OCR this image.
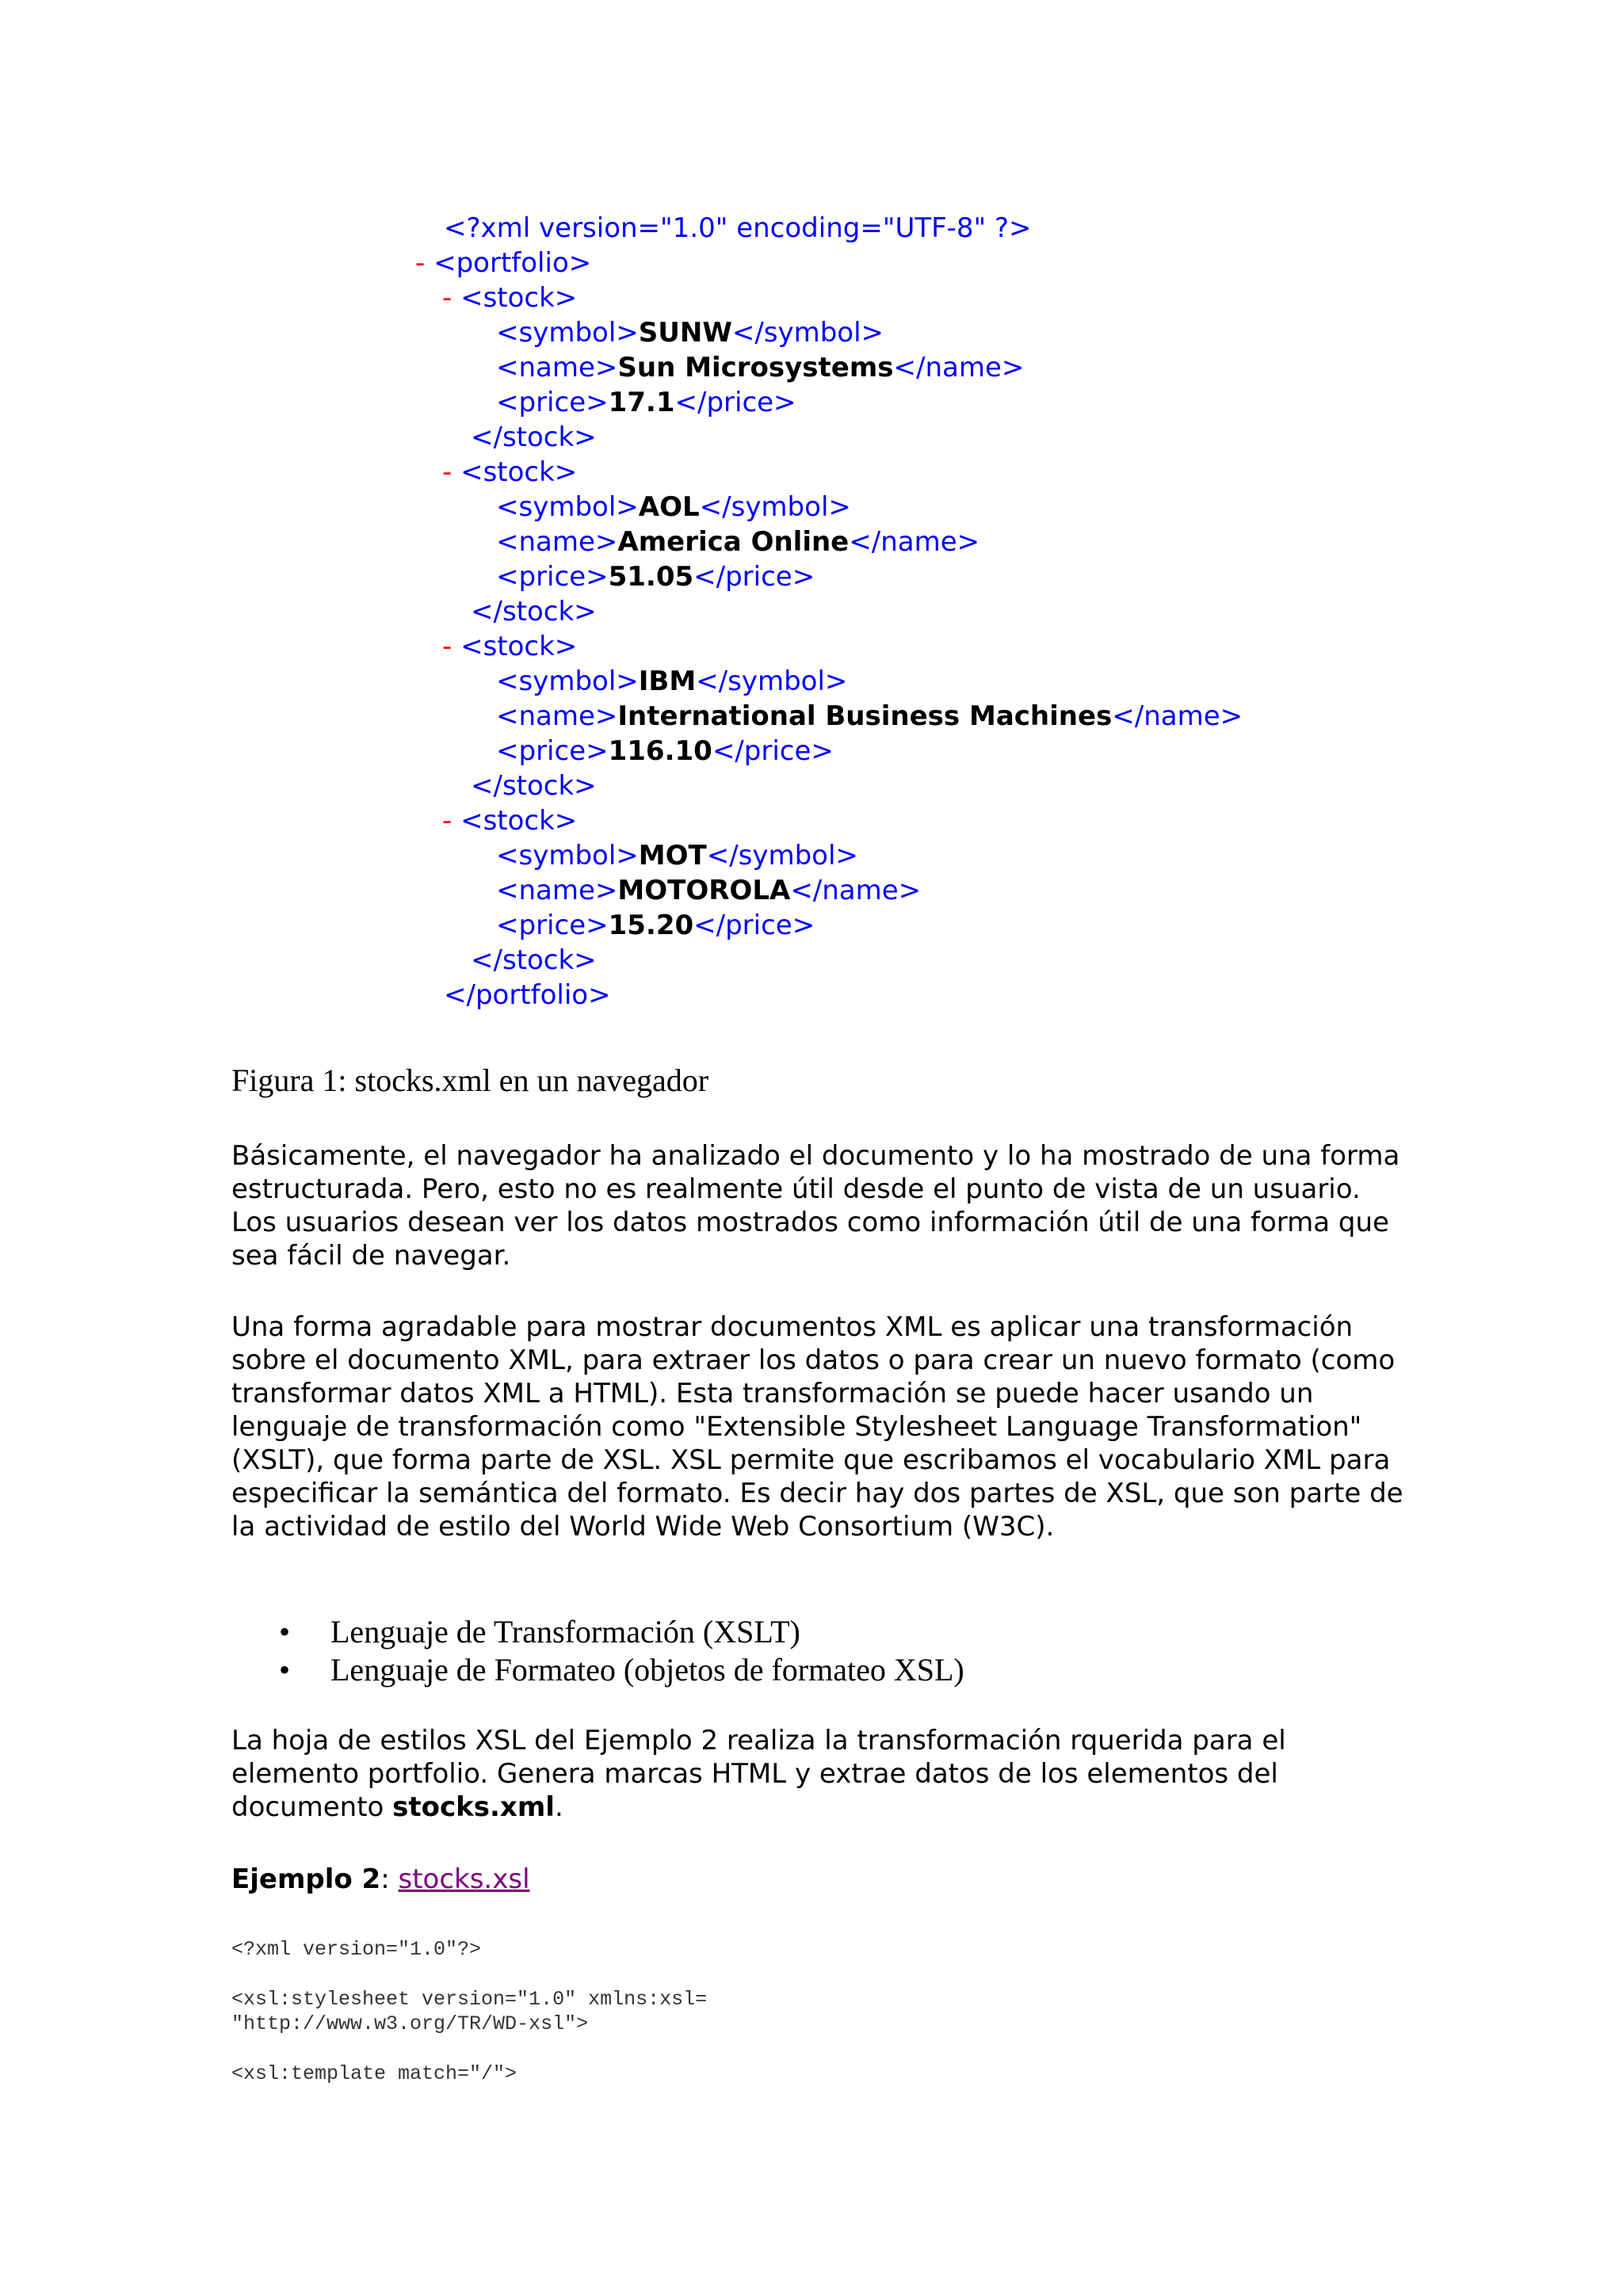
<?xml version="1.0" encoding="UTF-8" ?>
- <portfolio>
- <stock>
<symbol>SUNW</symbol>
<name>Sun Microsystems</name>
<price>17.1</price>
</stock>
- <stock>
<symbol>AOL</symbol>
<name>America Online</name>
<price>51.05</price>
</stock>
- <stock>
<symbol>IBM</symbol>
<name>International Business Machines</name>
<price>116.10</price>
</stock>
- <stock>
<symbol>MOT</symbol>
<name>MOTOROLA</name>
<price>15.20</price>
</stock>
</portfolio>
Figura 1: stocks.xml en un navegador

Básicamente, el navegador ha analizado el documento y lo ha mostrado de una forma estructurada. Pero, esto no es realmente útil desde el punto de vista de un usuario. Los usuarios desean ver los datos mostrados como información útil de una forma que sea fácil de navegar.

Una forma agradable para mostrar documentos XML es aplicar una transformación sobre el documento XML, para extraer los datos o para crear un nuevo formato (como transformar datos XML a HTML). Esta transformación se puede hacer usando un lenguaje de transformación como "Extensible Stylesheet Language Transformation" (XSLT), que forma parte de XSL. XSL permite que escribamos el vocabulario XML para especificar la semántica del formato. Es decir hay dos partes de XSL, que son parte de la actividad de estilo del World Wide Web Consortium (W3C).

• Lenguaje de Transformación (XSLT)
• Lenguaje de Formateo (objetos de formateo XSL)

La hoja de estilos XSL del Ejemplo 2 realiza la transformación rquerida para el elemento portfolio. Genera marcas HTML y extrae datos de los elementos del documento stocks.xml.

Ejemplo 2: stocks.xsl
<?xml version="1.0"?>
<xsl:stylesheet version="1.0" xmlns:xsl=
"http://www.w3.org/TR/WD-xsl">
<xsl:template match="/">
